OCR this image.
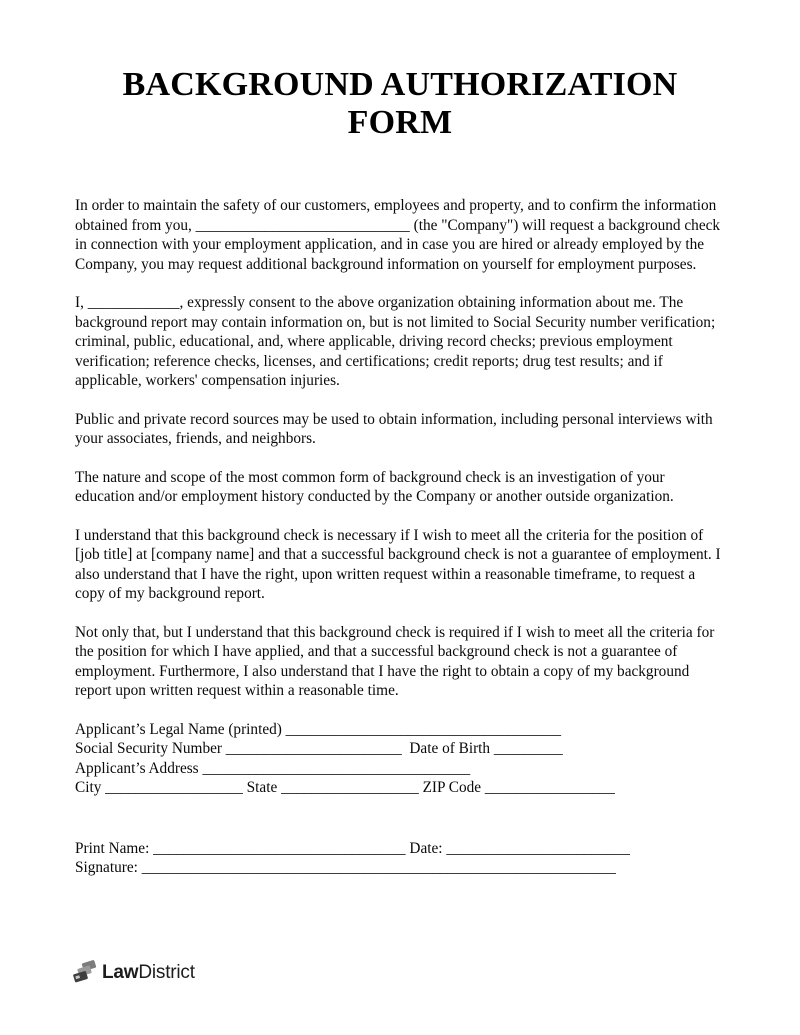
BACKGROUND AUTHORIZATION FORM

In order to maintain the safety of our customers, employees and property, and to confirm the information obtained from you, ____________________________ (the "Company") will request a background check in connection with your employment application, and in case you are hired or already employed by the Company, you may request additional background information on yourself for employment purposes.

I, ____________, expressly consent to the above organization obtaining information about me. The background report may contain information on, but is not limited to Social Security number verification; criminal, public, educational, and, where applicable, driving record checks; previous employment verification; reference checks, licenses, and certifications; credit reports; drug test results; and if applicable, workers' compensation injuries.

Public and private record sources may be used to obtain information, including personal interviews with your associates, friends, and neighbors.

The nature and scope of the most common form of background check is an investigation of your education and/or employment history conducted by the Company or another outside organization.

I understand that this background check is necessary if I wish to meet all the criteria for the position of [job title] at [company name] and that a successful background check is not a guarantee of employment. I also understand that I have the right, upon written request within a reasonable timeframe, to request a copy of my background report.

Not only that, but I understand that this background check is required if I wish to meet all the criteria for the position for which I have applied, and that a successful background check is not a guarantee of employment. Furthermore, I also understand that I have the right to obtain a copy of my background report upon written request within a reasonable time.

Applicant’s Legal Name (printed) ____________________________________

Social Security Number _______________________  Date of Birth _________

Applicant’s Address ___________________________________

City __________________ State __________________ ZIP Code _________________

Print Name: _________________________________ Date: ________________________

Signature: ______________________________________________________________

LawDistrict
